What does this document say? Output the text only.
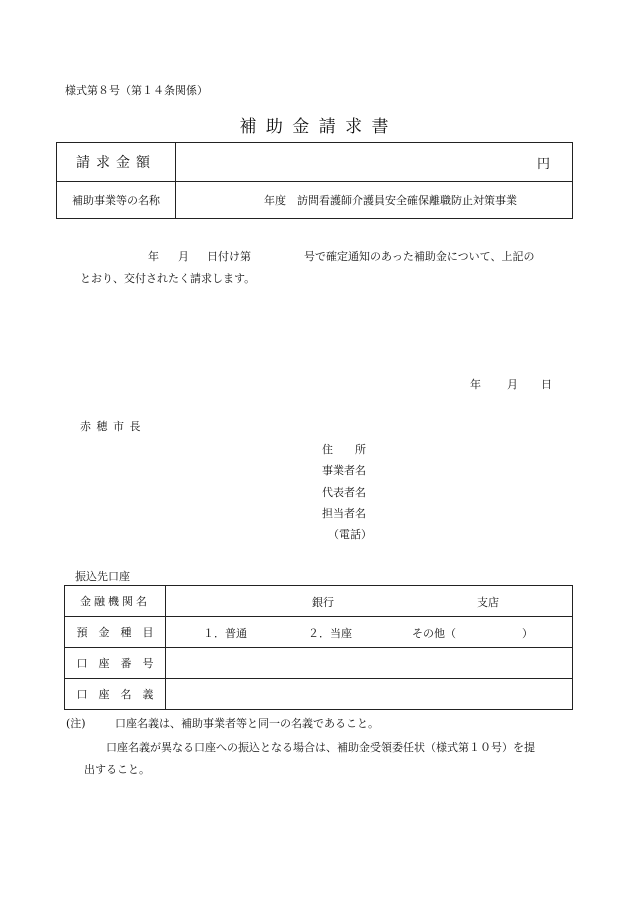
様式第８号（第１４条関係）
補 助 金 請 求 書
請求金額	円
補助事業等の名称	年度　訪問看護師介護員安全確保離職防止対策事業
年 月 日付け第	号で確定通知のあった補助金について、上記の
とおり、交付されたく請求します。
年 月 日
赤 穂 市 長
住　　所
事業者名
代表者名
担当者名
（電話）
振込先口座
金融機関名	銀行 支店

預　金　種　目	１．普通 ２．当座 その他（　　　　　　）

口　座　番　号	
口　座　名　義	
(注)	口座名義は、補助事業者等と同一の名義であること。
口座名義が異なる口座への振込となる場合は、補助金受領委任状（様式第１０号）を提
出すること。
